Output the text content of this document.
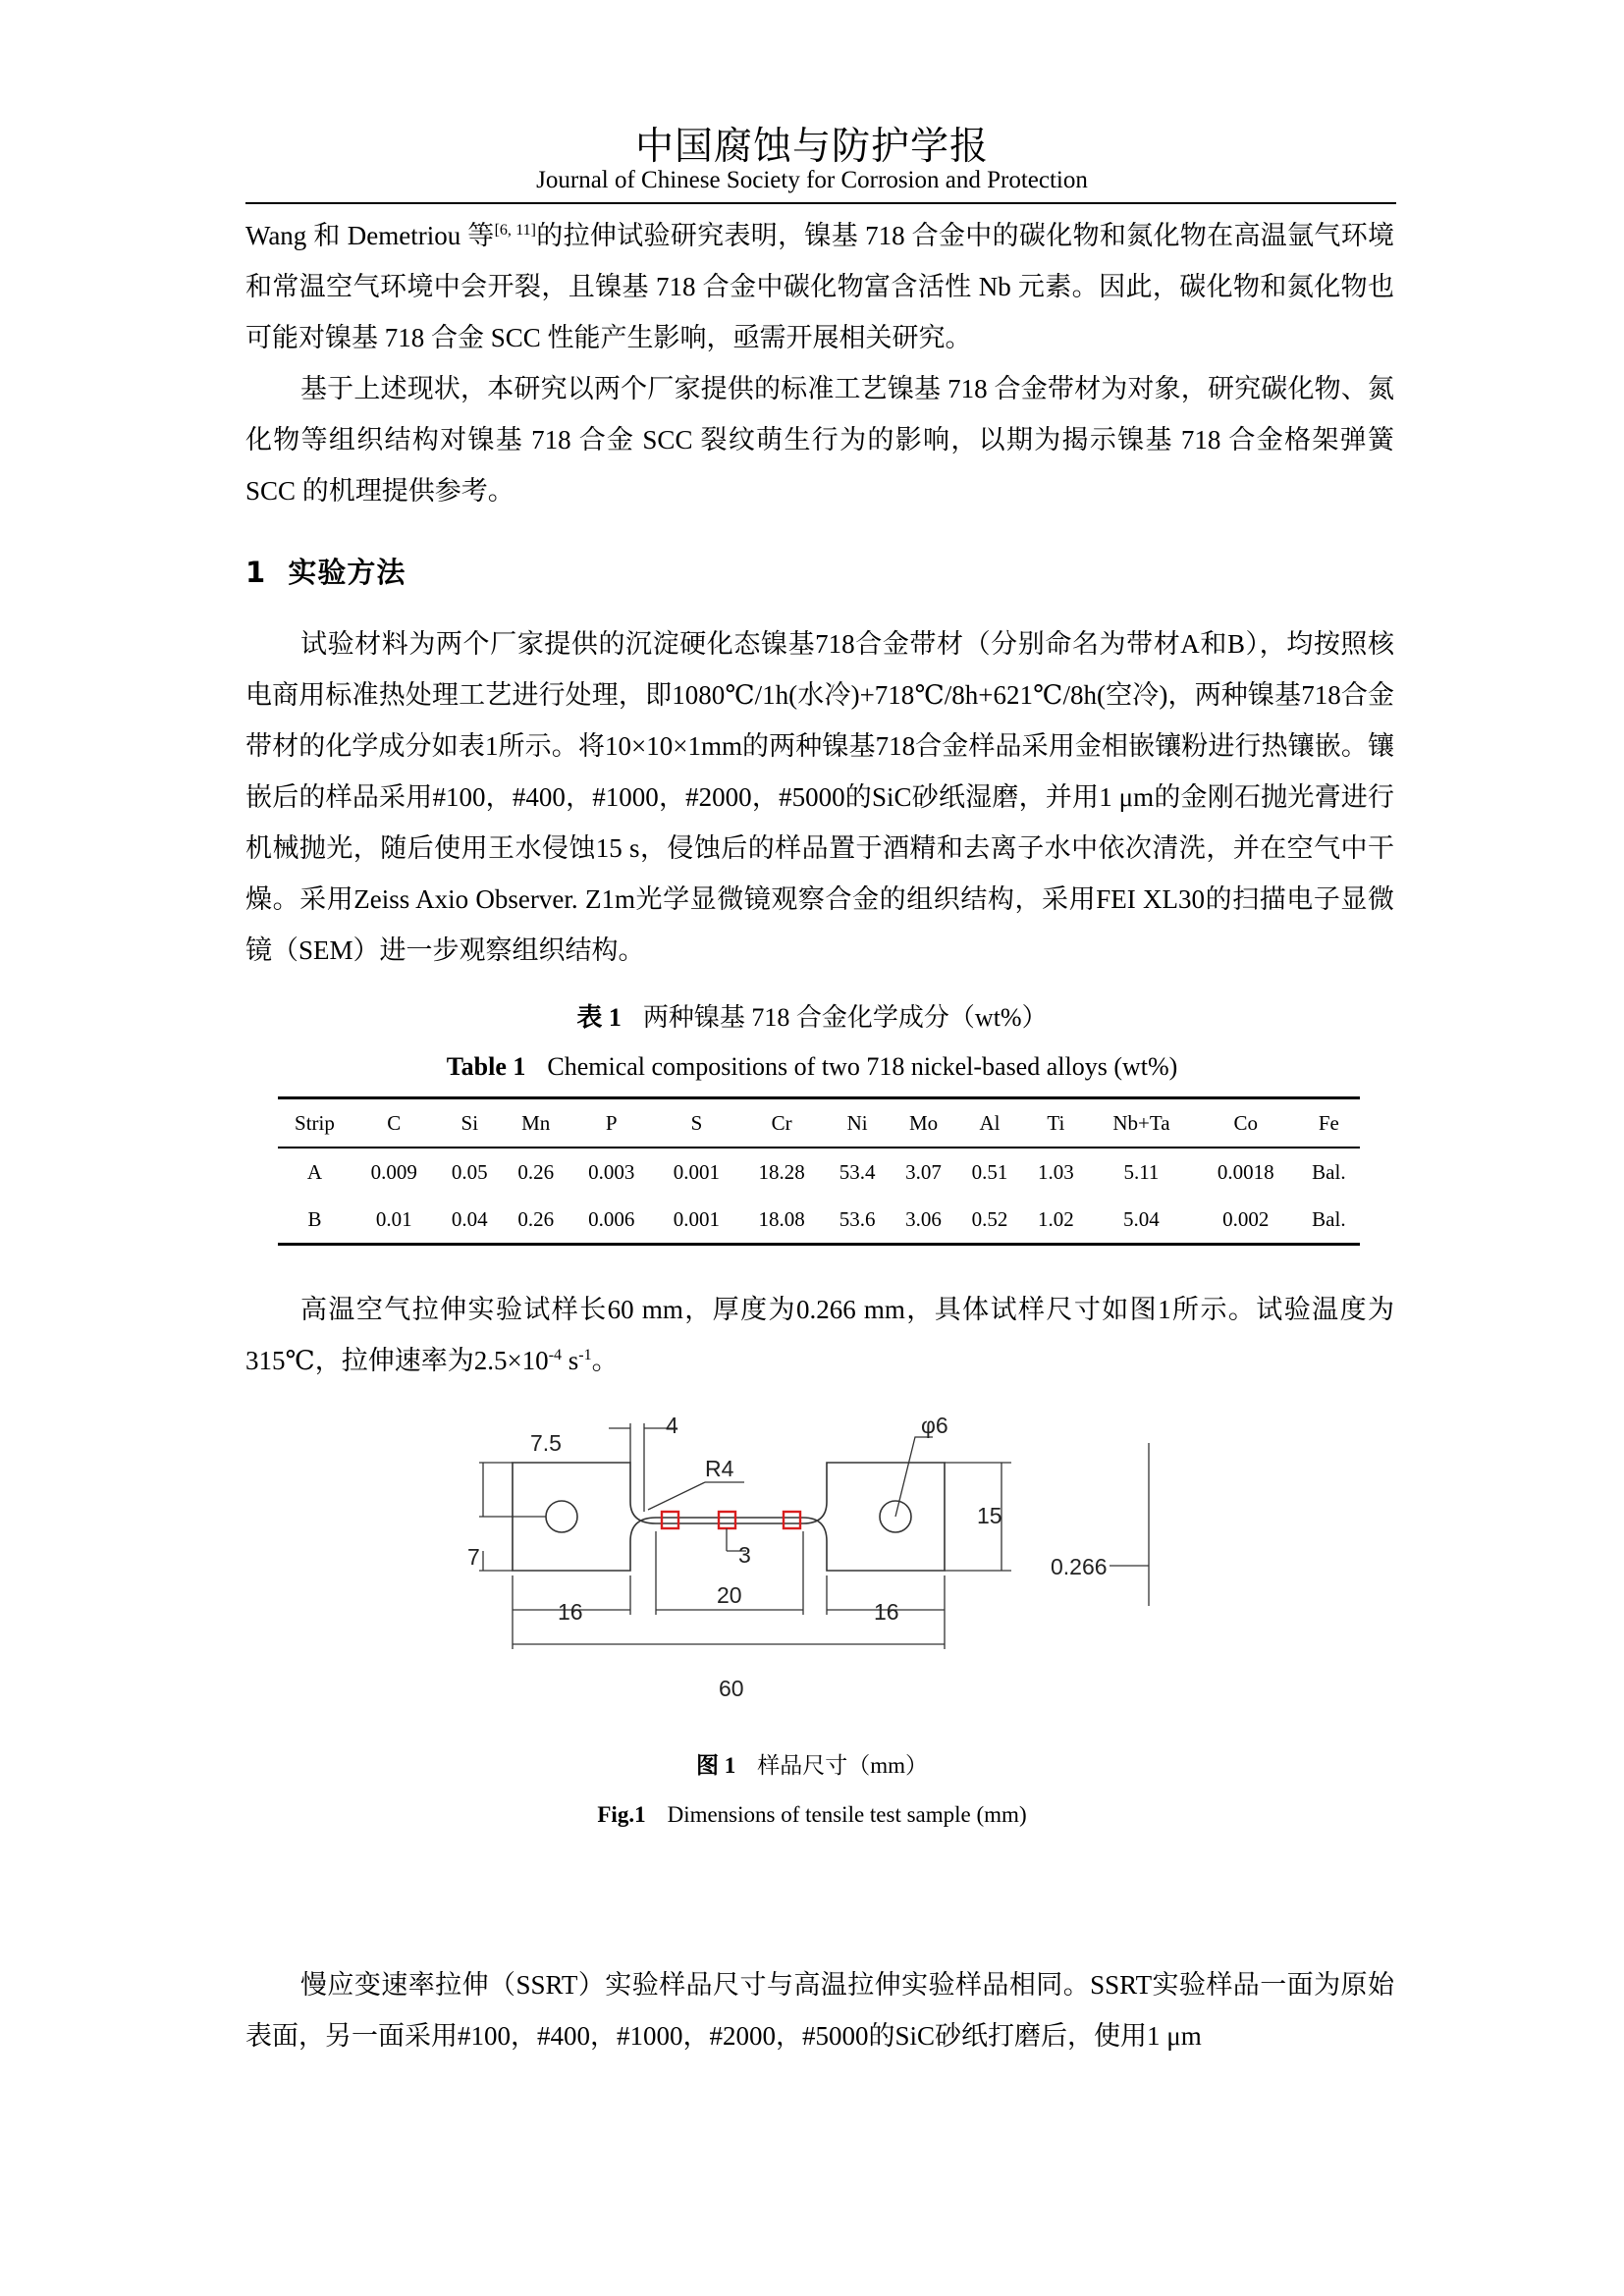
中国腐蚀与防护学报
Journal of Chinese Society for Corrosion and Protection

Wang 和 Demetriou 等[6, 11]的拉伸试验研究表明，镍基 718 合金中的碳化物和氮化物在高温氩气环境和常温空气环境中会开裂，且镍基 718 合金中碳化物富含活性 Nb 元素。因此，碳化物和氮化物也可能对镍基 718 合金 SCC 性能产生影响，亟需开展相关研究。

基于上述现状，本研究以两个厂家提供的标准工艺镍基 718 合金带材为对象，研究碳化物、氮化物等组织结构对镍基 718 合金 SCC 裂纹萌生行为的影响，以期为揭示镍基 718 合金格架弹簧 SCC 的机理提供参考。

1 实验方法

试验材料为两个厂家提供的沉淀硬化态镍基718合金带材（分别命名为带材A和B），均按照核电商用标准热处理工艺进行处理，即1080℃/1h(水冷)+718℃/8h+621℃/8h(空冷)，两种镍基718合金带材的化学成分如表1所示。将10×10×1mm的两种镍基718合金样品采用金相嵌镶粉进行热镶嵌。镶嵌后的样品采用#100，#400，#1000，#2000，#5000的SiC砂纸湿磨，并用1 μm的金刚石抛光膏进行机械抛光，随后使用王水侵蚀15 s，侵蚀后的样品置于酒精和去离子水中依次清洗，并在空气中干燥。采用Zeiss Axio Observer. Z1m光学显微镜观察合金的组织结构，采用FEI XL30的扫描电子显微镜（SEM）进一步观察组织结构。

表 1 两种镍基 718 合金化学成分（wt%）
Table 1 Chemical compositions of two 718 nickel-based alloys (wt%)
Strip	C	Si	Mn	P	S	Cr	Ni	Mo	Al	Ti	Nb+Ta	Co	Fe
A	0.009	0.05	0.26	0.003	0.001	18.28	53.4	3.07	0.51	1.03	5.11	0.0018	Bal.
B	0.01	0.04	0.26	0.006	0.001	18.08	53.6	3.06	0.52	1.02	5.04	0.002	Bal.

高温空气拉伸实验试样长60 mm，厚度为0.266 mm，具体试样尺寸如图1所示。试验温度为315℃，拉伸速率为$2.5\times 10^{-4}$ $s^{-1}$。

7.5
7
4	φ6
R4
3
15
0.266
16
20
16
60
图 1 样品尺寸（mm）
Fig.1 Dimensions of tensile test sample (mm)

慢应变速率拉伸（SSRT）实验样品尺寸与高温拉伸实验样品相同。SSRT实验样品一面为原始表面，另一面采用#100，#400，#1000，#2000，#5000的SiC砂纸打磨后，使用1 μm
